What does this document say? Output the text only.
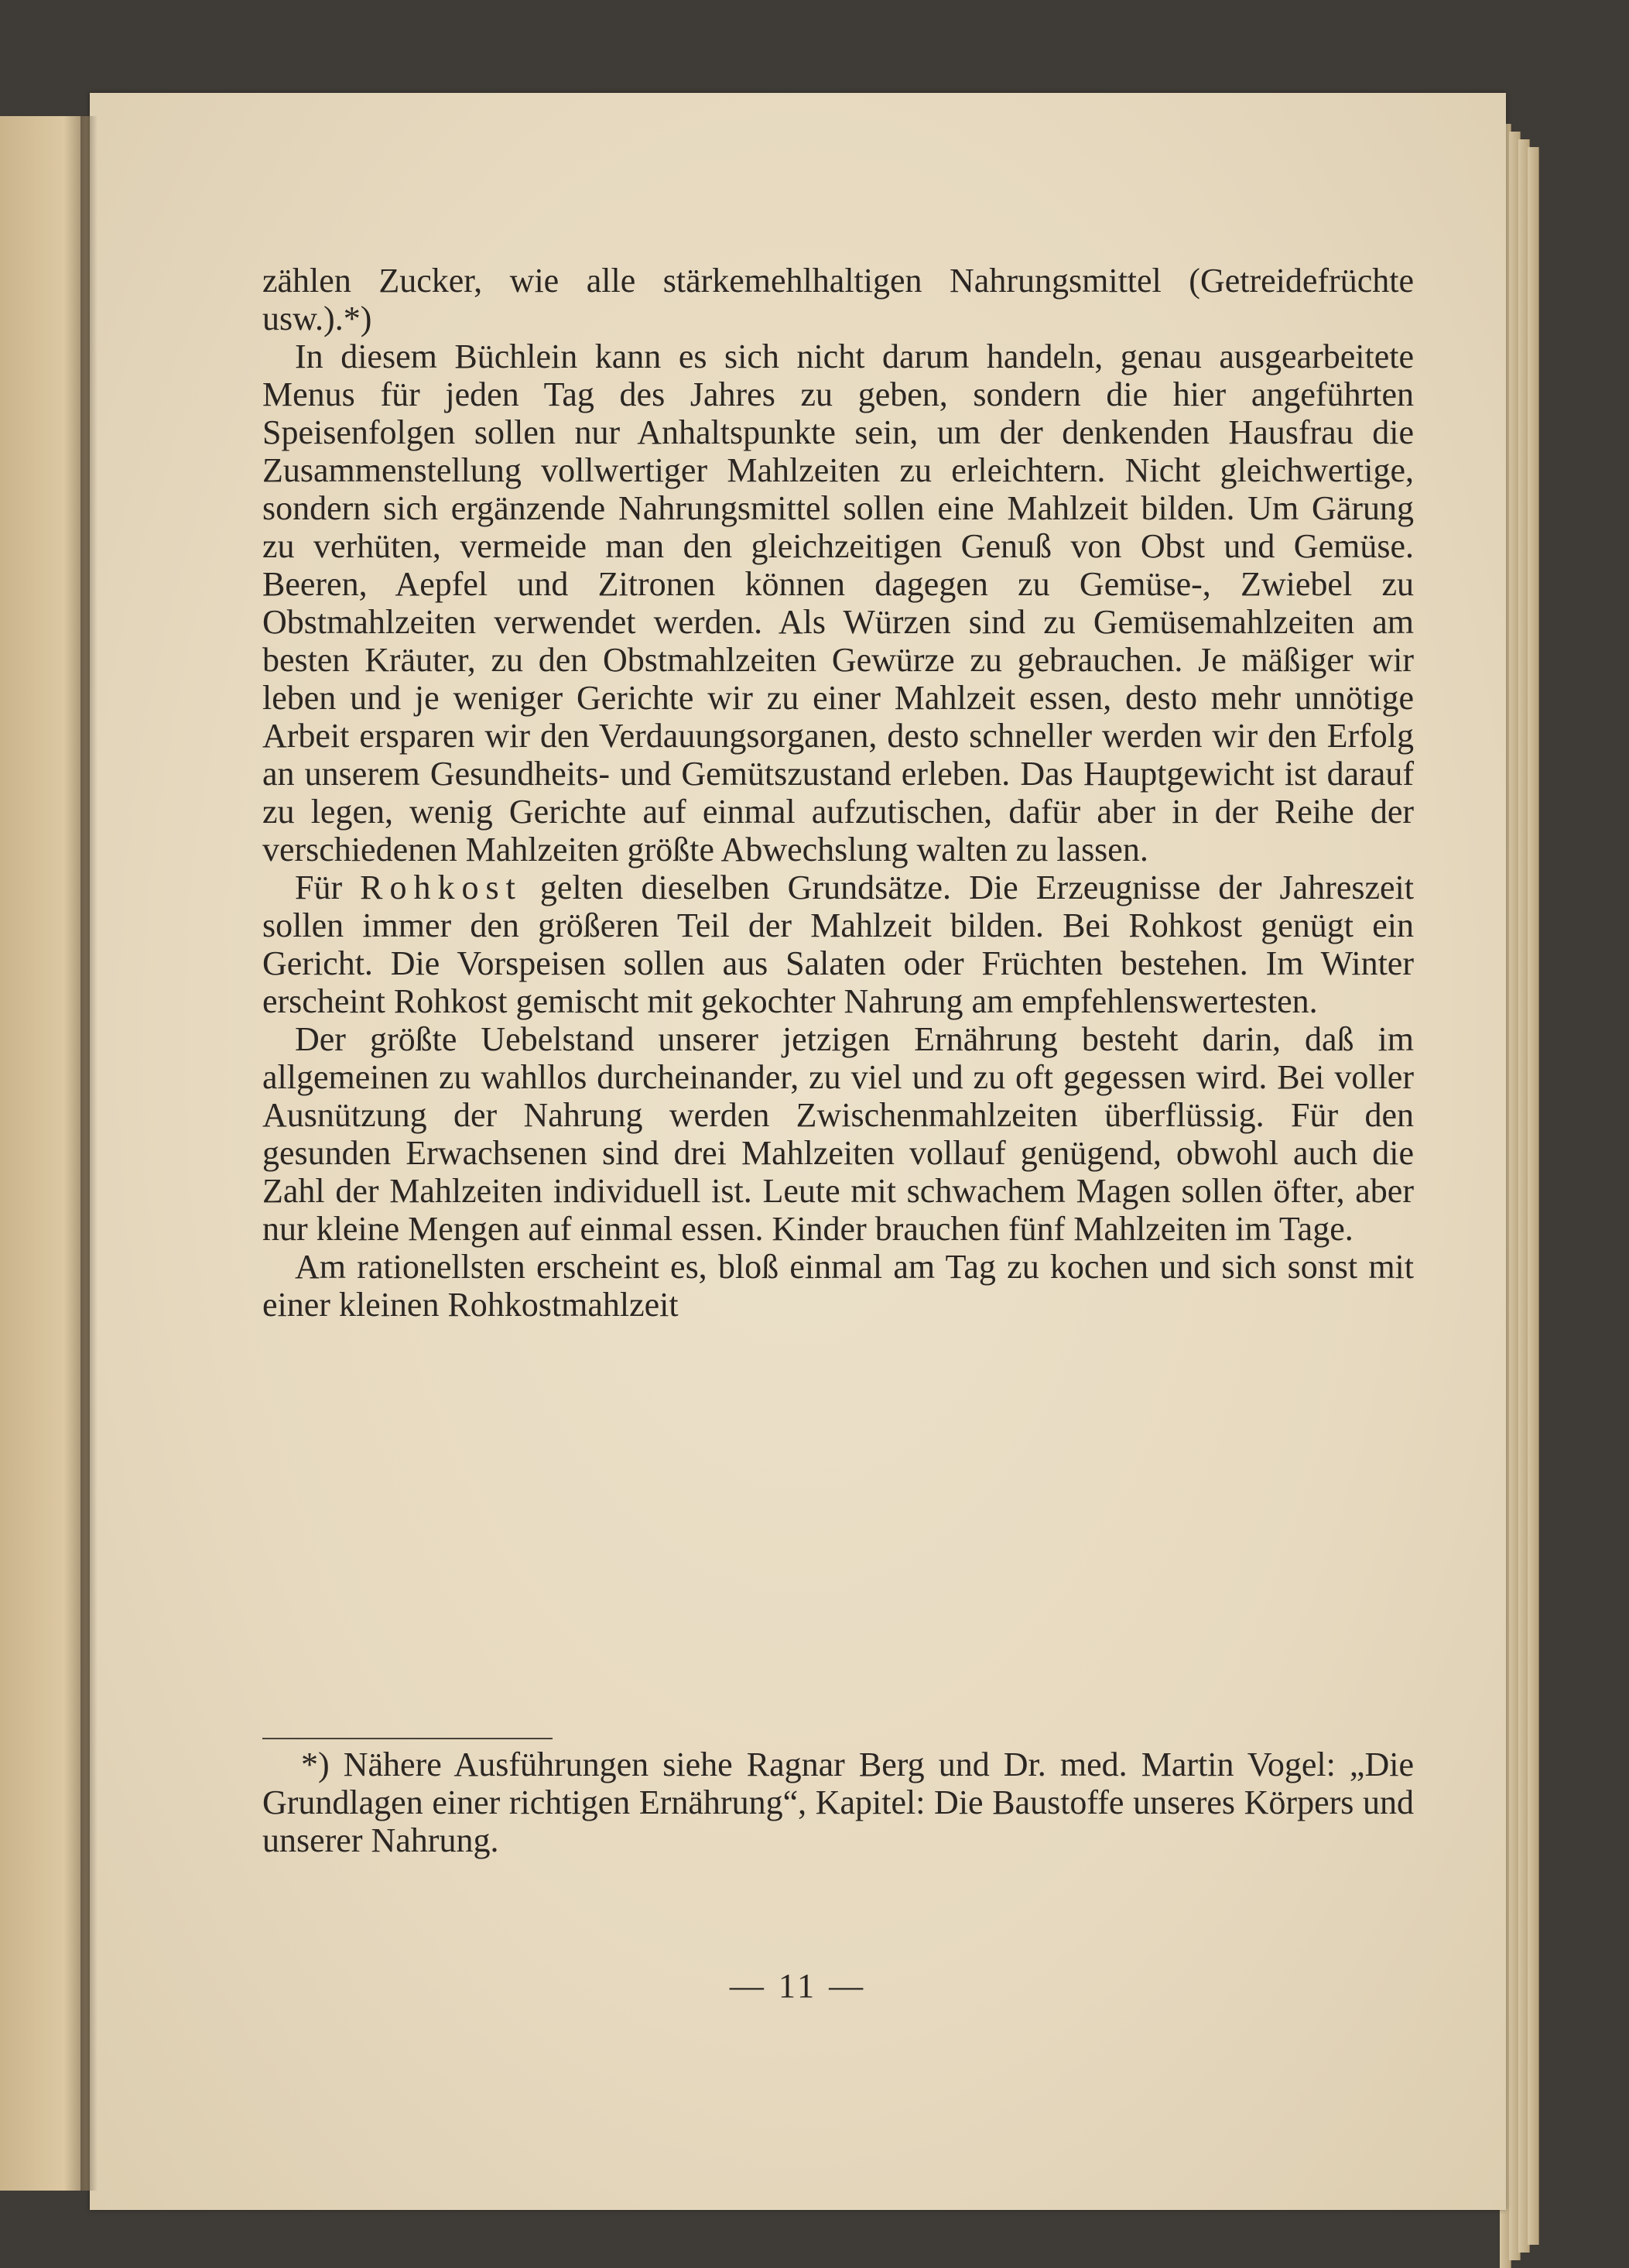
zählen Zucker, wie alle stärkemehlhaltigen Nahrungsmittel (Getreidefrüchte usw.).*)

In diesem Büchlein kann es sich nicht darum handeln, genau ausgearbeitete Menus für jeden Tag des Jahres zu geben, sondern die hier angeführten Speisenfolgen sollen nur Anhaltspunkte sein, um der denkenden Hausfrau die Zusammenstellung vollwertiger Mahlzeiten zu erleichtern. Nicht gleichwertige, sondern sich ergänzende Nahrungsmittel sollen eine Mahlzeit bilden. Um Gärung zu verhüten, vermeide man den gleichzeitigen Genuß von Obst und Gemüse. Beeren, Aepfel und Zitronen können dagegen zu Gemüse-, Zwiebel zu Obstmahlzeiten verwendet werden. Als Würzen sind zu Gemüsemahlzeiten am besten Kräuter, zu den Obstmahlzeiten Gewürze zu gebrauchen. Je mäßiger wir leben und je weniger Gerichte wir zu einer Mahlzeit essen, desto mehr unnötige Arbeit ersparen wir den Verdauungsorganen, desto schneller werden wir den Erfolg an unserem Gesundheits- und Gemütszustand erleben. Das Hauptgewicht ist darauf zu legen, wenig Gerichte auf einmal aufzutischen, dafür aber in der Reihe der verschiedenen Mahlzeiten größte Abwechslung walten zu lassen.

Für Rohkost gelten dieselben Grundsätze. Die Erzeugnisse der Jahreszeit sollen immer den größeren Teil der Mahlzeit bilden. Bei Rohkost genügt ein Gericht. Die Vorspeisen sollen aus Salaten oder Früchten bestehen. Im Winter erscheint Rohkost gemischt mit gekochter Nahrung am empfehlenswertesten.

Der größte Uebelstand unserer jetzigen Ernährung besteht darin, daß im allgemeinen zu wahllos durcheinander, zu viel und zu oft gegessen wird. Bei voller Ausnützung der Nahrung werden Zwischenmahlzeiten überflüssig. Für den gesunden Erwachsenen sind drei Mahlzeiten vollauf genügend, obwohl auch die Zahl der Mahlzeiten individuell ist. Leute mit schwachem Magen sollen öfter, aber nur kleine Mengen auf einmal essen. Kinder brauchen fünf Mahlzeiten im Tage.

Am rationellsten erscheint es, bloß einmal am Tag zu kochen und sich sonst mit einer kleinen Rohkostmahlzeit

*) Nähere Ausführungen siehe Ragnar Berg und Dr. med. Martin Vogel: „Die Grundlagen einer richtigen Ernährung“, Kapitel: Die Baustoffe unseres Körpers und unserer Nahrung.

— 11 —
